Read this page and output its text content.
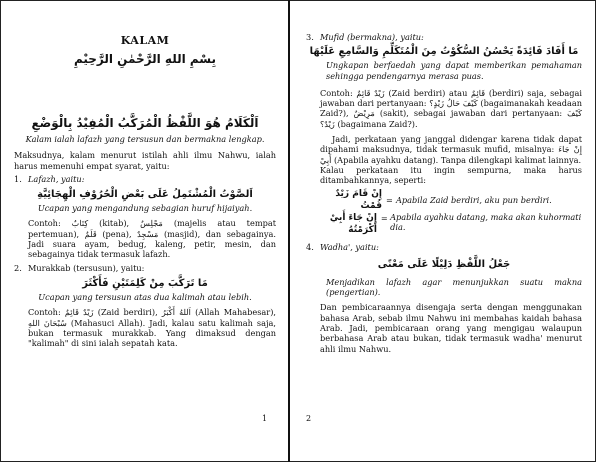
KALAM

بِسْمِ اللهِ الرَّحْمٰنِ الرَّحِيْمِ
اَلْكَلَامُ هُوَ اللَّفْظُ الْمُرَكَّبُ الْمُفِيْدُ بِالْوَضْعِ

Kalam ialah lafazh yang tersusun dan bermakna lengkap.

Maksudnya, kalam menurut istilah ahli ilmu Nahwu, ialah harus memenuhi empat syarat, yaitu:

1. Lafazh, yaitu:
اَلصَّوْتُ الْمُشْتَمِلُ عَلَى بَعْضِ الْحُرُوْفِ الْهِجَائِيَّةِ

Ucapan yang mengandung sebagian huruf hijaiyah.

Contoh: كِتَابٌ (kitab), مَجْلِسٌ (majelis atau tempat pertemuan), قَلَمٌ (pena), مَسْجِدٌ (masjid), dan sebagainya. Jadi suara ayam, bedug, kaleng, petir, mesin, dan sebagainya tidak termasuk lafazh.

2. Murakkab (tersusun), yaitu:
مَا تَرَكَّبَ مِنْ كَلِمَتَيْنِ فَأَكْثَرَ

Ucapan yang tersusun atas dua kalimah atau lebih.

Contoh: زَيْدٌ قَائِمٌ (Zaid berdiri), اَللهُ أَكْبَرُ (Allah Mahabesar), سُبْحَانَ اللهِ (Mahasuci Allah). Jadi, kalau satu kalimah saja, bukan termasuk murakkab. Yang dimaksud dengan "kalimah" di sini ialah sepatah kata.

1
3. Mufid (bermakna), yaitu:
مَا أَفَادَ فَائِدَةً يَحْسُنُ السُّكُوْتُ مِنَ الْمُتَكَلِّمِ وَالسَّامِعِ عَلَيْهَا

Ungkapan berfaedah yang dapat memberikan pemahaman sehingga pendengarnya merasa puas.

Contoh: زَيْدٌ قَائِمٌ (Zaid berdiri) atau قَائِمٌ (berdiri) saja, sebagai jawaban dari pertanyaan: كَيْفَ حَالُ زَيْدٍ؟ (bagaimanakah keadaan Zaid?), مَرِيْضٌ (sakit), sebagai jawaban dari pertanyaan: كَيْفَ زَيْدٌ؟ (bagaimana Zaid?).

Jadi, perkataan yang janggal didengar karena tidak dapat dipahami maksudnya, tidak termasuk mufid, misalnya: إِنْ جَاءَ أَبِيْ (Apabila ayahku datang). Tanpa dilengkapi kalimat lainnya.

Kalau perkataan itu ingin sempurna, maka harus ditambahkannya, seperti:

إِنْ قَامَ زَيْدٌ قُمْتُ
= Apabila Zaid berdiri, aku pun berdiri.
إِنْ جَاءَ أَبِيْ أَكْرَمْتُهُ
= Apabila ayahku datang, maka akan kuhormati dia.
4. Wadha', yaitu:
جَعْلُ اللَّفْظِ دَلِيْلًا عَلَى مَعْنًى

Menjadikan lafazh agar menunjukkan suatu makna (pengertian).

Dan pembicaraannya disengaja serta dengan menggunakan bahasa Arab, sebab ilmu Nahwu ini membahas kaidah bahasa Arab. Jadi, pembicaraan orang yang mengigau walaupun berbahasa Arab atau bukan, tidak termasuk wadha' menurut ahli ilmu Nahwu.

2
